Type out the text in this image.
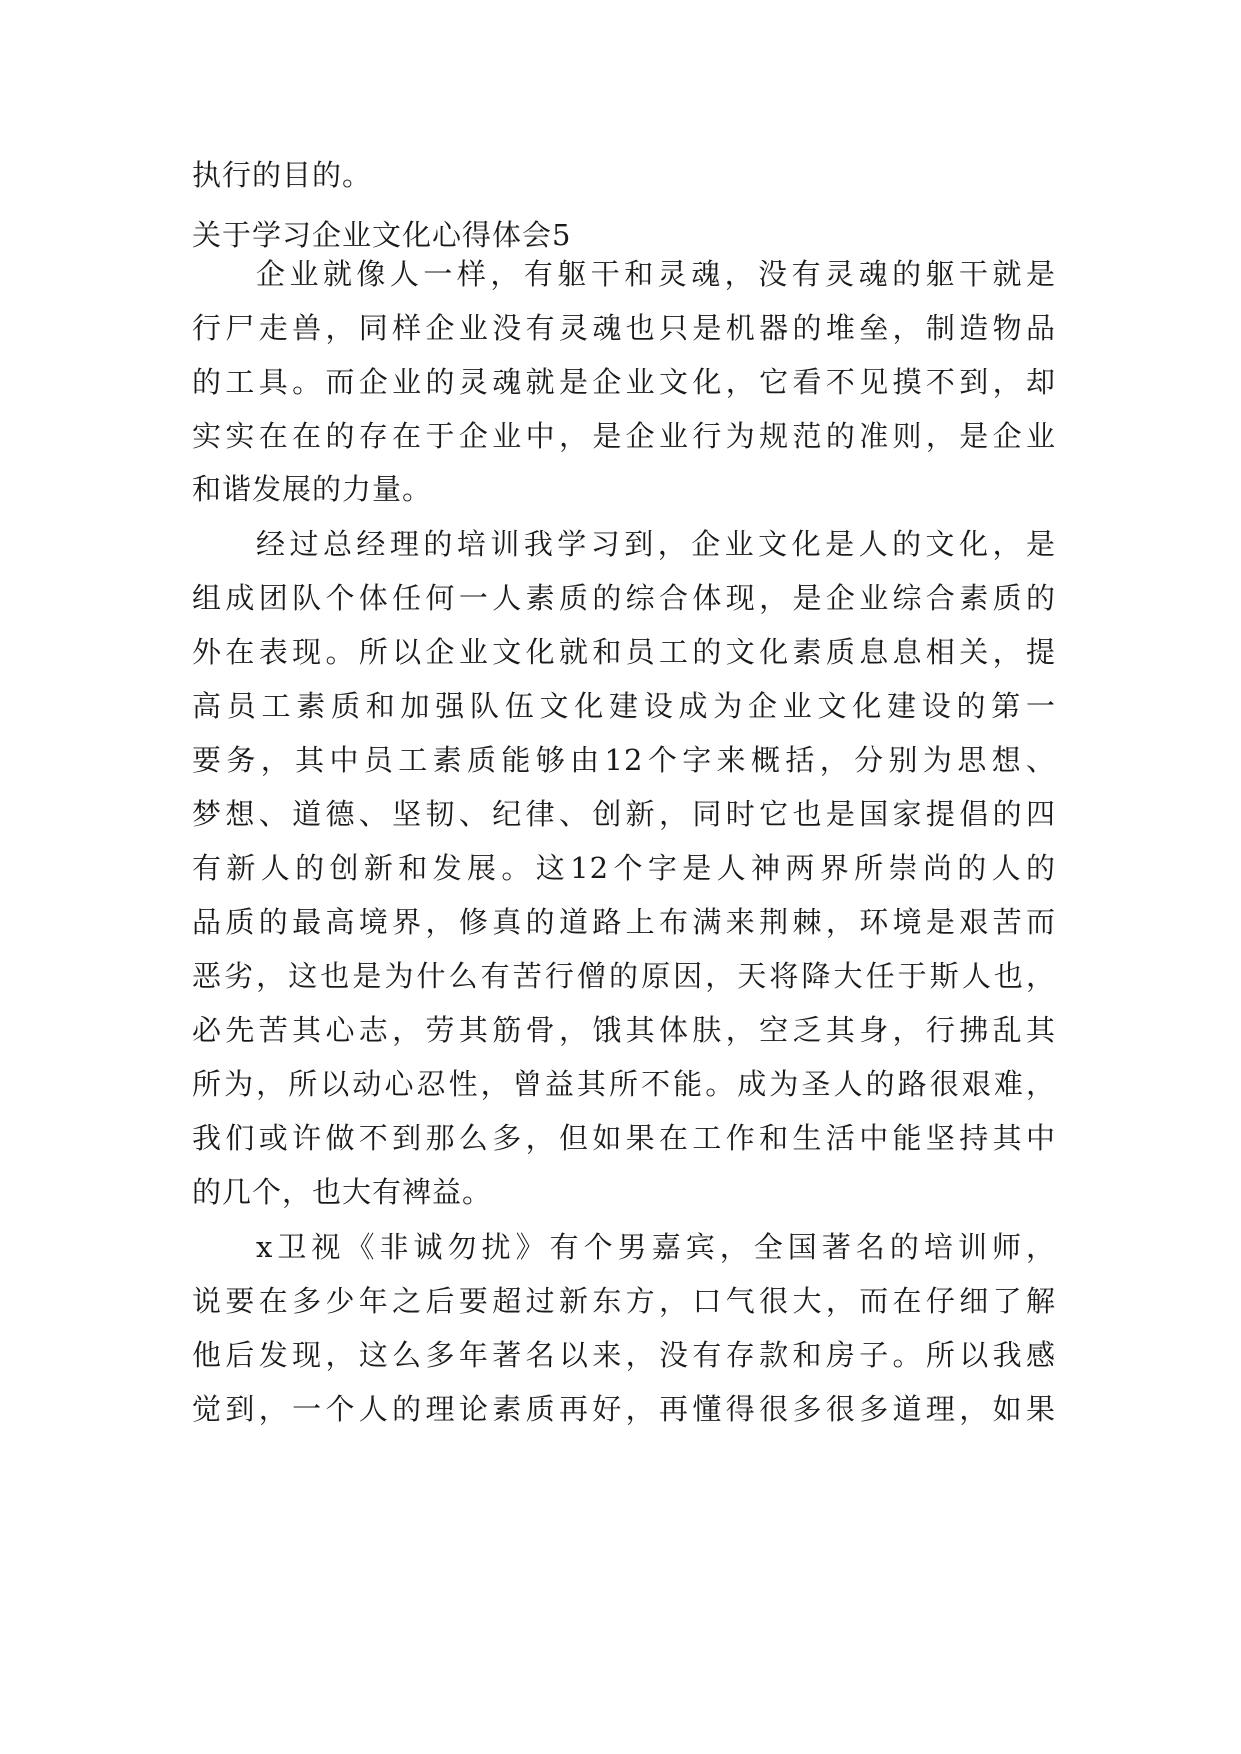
执行的目的。
关于学习企业文化心得体会5
企业就像人一样，有躯干和灵魂，没有灵魂的躯干就是
行尸走兽，同样企业没有灵魂也只是机器的堆垒，制造物品
的工具。而企业的灵魂就是企业文化，它看不见摸不到，却
实实在在的存在于企业中，是企业行为规范的准则，是企业
和谐发展的力量。
经过总经理的培训我学习到，企业文化是人的文化，是
组成团队个体任何一人素质的综合体现，是企业综合素质的
外在表现。所以企业文化就和员工的文化素质息息相关，提
高员工素质和加强队伍文化建设成为企业文化建设的第一
要务，其中员工素质能够由12个字来概括，分别为思想、
梦想、道德、坚韧、纪律、创新，同时它也是国家提倡的四
有新人的创新和发展。这12个字是人神两界所崇尚的人的
品质的最高境界，修真的道路上布满来荆棘，环境是艰苦而
恶劣，这也是为什么有苦行僧的原因，天将降大任于斯人也，
必先苦其心志，劳其筋骨，饿其体肤，空乏其身，行拂乱其
所为，所以动心忍性，曾益其所不能。成为圣人的路很艰难，
我们或许做不到那么多，但如果在工作和生活中能坚持其中
的几个，也大有裨益。
x卫视《非诚勿扰》有个男嘉宾，全国著名的培训师，
说要在多少年之后要超过新东方，口气很大，而在仔细了解
他后发现，这么多年著名以来，没有存款和房子。所以我感
觉到，一个人的理论素质再好，再懂得很多很多道理，如果
